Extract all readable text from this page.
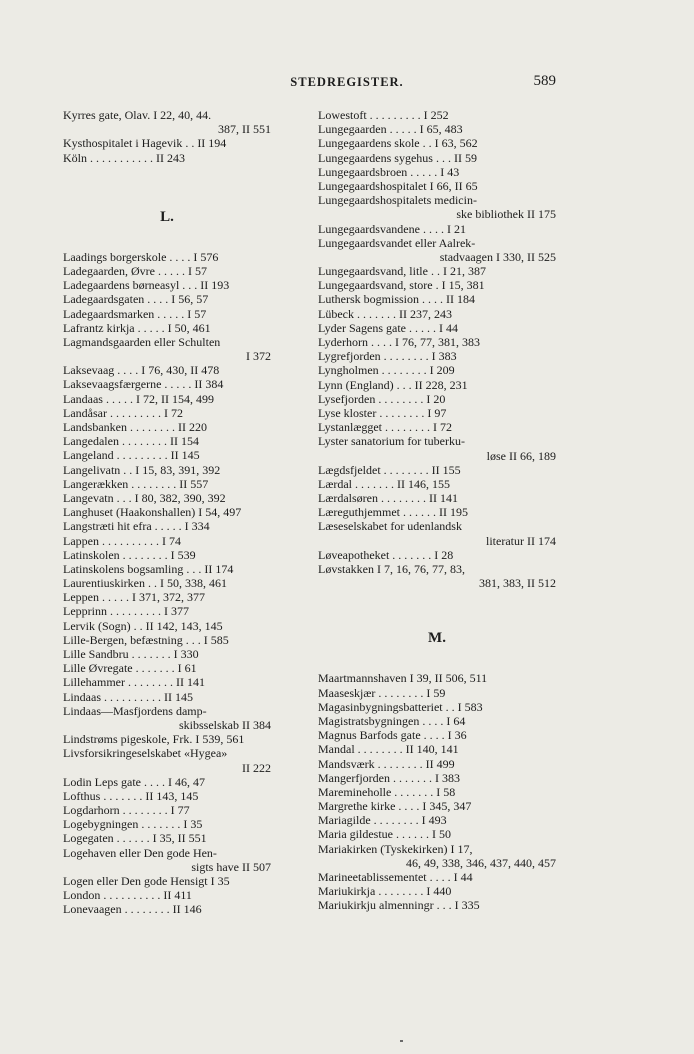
STEDREGISTER.	589
Kyrres gate, Olav. I 22, 40, 44.
387, II 551
Kysthospitalet i Hagevik . . II 194
Köln . . . . . . . . . . . II 243
L.
Laadings borgerskole . . . . I 576
Ladegaarden, Øvre . . . . . I 57
Ladegaardens børneasyl . . . II 193
Ladegaardsgaten . . . . I 56, 57
Ladegaardsmarken . . . . . I 57
Lafrantz kirkja . . . . . I 50, 461
Lagmandsgaarden eller Schulten
I 372
Laksevaag . . . . I 76, 430, II 478
Laksevaagsfærgerne . . . . . II 384
Landaas . . . . . I 72, II 154, 499
Landåsar . . . . . . . . . I 72
Landsbanken . . . . . . . . II 220
Langedalen . . . . . . . . II 154
Langeland . . . . . . . . . II 145
Langelivatn . . I 15, 83, 391, 392
Langerækken . . . . . . . . II 557
Langevatn . . . I 80, 382, 390, 392
Langhuset (Haakonshallen) I 54, 497
Langstræti hit efra . . . . . I 334
Lappen . . . . . . . . . . I 74
Latinskolen . . . . . . . . I 539
Latinskolens bogsamling . . . II 174
Laurentiuskirken . . I 50, 338, 461
Leppen . . . . . I 371, 372, 377
Lepprinn . . . . . . . . . I 377
Lervik (Sogn) . . II 142, 143, 145
Lille-Bergen, befæstning . . . I 585
Lille Sandbru . . . . . . . I 330
Lille Øvregate . . . . . . . I 61
Lillehammer . . . . . . . . II 141
Lindaas . . . . . . . . . . II 145
Lindaas—Masfjordens damp-
skibsselskab II 384
Lindstrøms pigeskole, Frk. I 539, 561
Livsforsikringeselskabet «Hygea»
II 222
Lodin Leps gate . . . . I 46, 47
Lofthus . . . . . . . II 143, 145
Logdarhorn . . . . . . . . I 77
Logebygningen . . . . . . . I 35
Logegaten . . . . . . I 35, II 551
Logehaven eller Den gode Hen-
sigts have II 507
Logen eller Den gode Hensigt I 35
London . . . . . . . . . . II 411
Lonevaagen . . . . . . . . II 146
Lowestoft . . . . . . . . . I 252
Lungegaarden . . . . . I 65, 483
Lungegaardens skole . . I 63, 562
Lungegaardens sygehus . . . II 59
Lungegaardsbroen . . . . . I 43
Lungegaardshospitalet I 66, II 65
Lungegaardshospitalets medicin-
ske bibliothek II 175
Lungegaardsvandene . . . . I 21
Lungegaardsvandet eller Aalrek-
stadvaagen I 330, II 525
Lungegaardsvand, litle . . I 21, 387
Lungegaardsvand, store . I 15, 381
Luthersk bogmission . . . . II 184
Lübeck . . . . . . . II 237, 243
Lyder Sagens gate . . . . . I 44
Lyderhorn . . . . I 76, 77, 381, 383
Lygrefjorden . . . . . . . . I 383
Lyngholmen . . . . . . . . I 209
Lynn (England) . . . II 228, 231
Lysefjorden . . . . . . . . I 20
Lyse kloster . . . . . . . . I 97
Lystanlægget . . . . . . . . I 72
Lyster sanatorium for tuberku-
løse II 66, 189
Lægdsfjeldet . . . . . . . . II 155
Lærdal . . . . . . . II 146, 155
Lærdalsøren . . . . . . . . II 141
Læreguthjemmet . . . . . . II 195
Læseselskabet for udenlandsk
literatur II 174
Løveapotheket . . . . . . . I 28
Løvstakken I 7, 16, 76, 77, 83,
381, 383, II 512
M.
Maartmannshaven I 39, II 506, 511
Maaseskjær . . . . . . . . I 59
Magasinbygningsbatteriet . . I 583
Magistratsbygningen . . . . I 64
Magnus Barfods gate . . . . I 36
Mandal . . . . . . . . II 140, 141
Mandsværk . . . . . . . . II 499
Mangerfjorden . . . . . . . I 383
Maremineholle . . . . . . . I 58
Margrethe kirke . . . . I 345, 347
Mariagilde . . . . . . . . I 493
Maria gildestue . . . . . . I 50
Mariakirken (Tyskekirken) I 17,
46, 49, 338, 346, 437, 440, 457
Marineetablissementet . . . . I 44
Mariukirkja . . . . . . . . I 440
Mariukirkju almenningr . . . I 335
